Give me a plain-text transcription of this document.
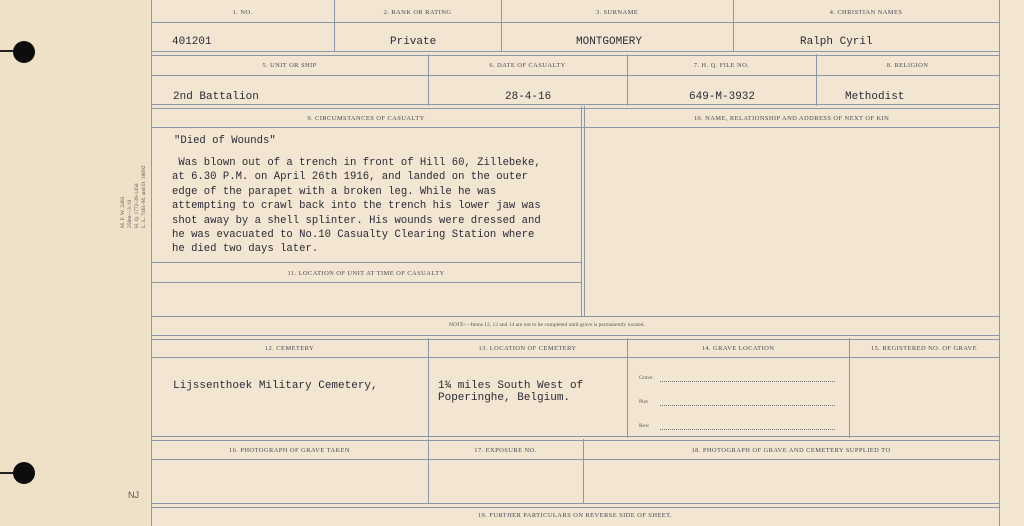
M. F. W. 2463
250m—3-18
H. Q. 1772-39-1458
L. L. 7461-M. and D. 18692
NJ
1. NO.	2. RANK OR RATING	3. SURNAME	4. CHRISTIAN NAMES
401201	Private	MONTGOMERY	Ralph Cyril
5. UNIT OR SHIP	6. DATE OF CASUALTY	7. H. Q. FILE NO.	8. RELIGION
2nd Battalion	28-4-16	649-M-3932	Methodist
9. CIRCUMSTANCES OF CASUALTY	10. NAME, RELATIONSHIP AND ADDRESS OF NEXT OF KIN
"Died of Wounds"
Was blown out of a trench in front of Hill 60, Zillebeke,
at 6.30 P.M. on April 26th 1916, and landed on the outer
edge of the parapet with a broken leg. While he was
attempting to crawl back into the trench his lower jaw was
shot away by a shell splinter. His wounds were dressed and
he was evacuated to No.10 Casualty Clearing Station where
he died two days later.
11. LOCATION OF UNIT AT TIME OF CASUALTY
NOTE:—Items 12, 13 and 14 are not to be completed until grave is permanently located.
12. CEMETERY	13. LOCATION OF CEMETERY	14. GRAVE LOCATION	15. REGISTERED NO. OF GRAVE
Lijssenthoek Military Cemetery,	1¾ miles South West of
Poperinghe, Belgium.
Grave
Plot
Row
16. PHOTOGRAPH OF GRAVE TAKEN	17. EXPOSURE NO.	18. PHOTOGRAPH OF GRAVE AND CEMETERY SUPPLIED TO
19. FURTHER PARTICULARS ON REVERSE SIDE OF SHEET.
